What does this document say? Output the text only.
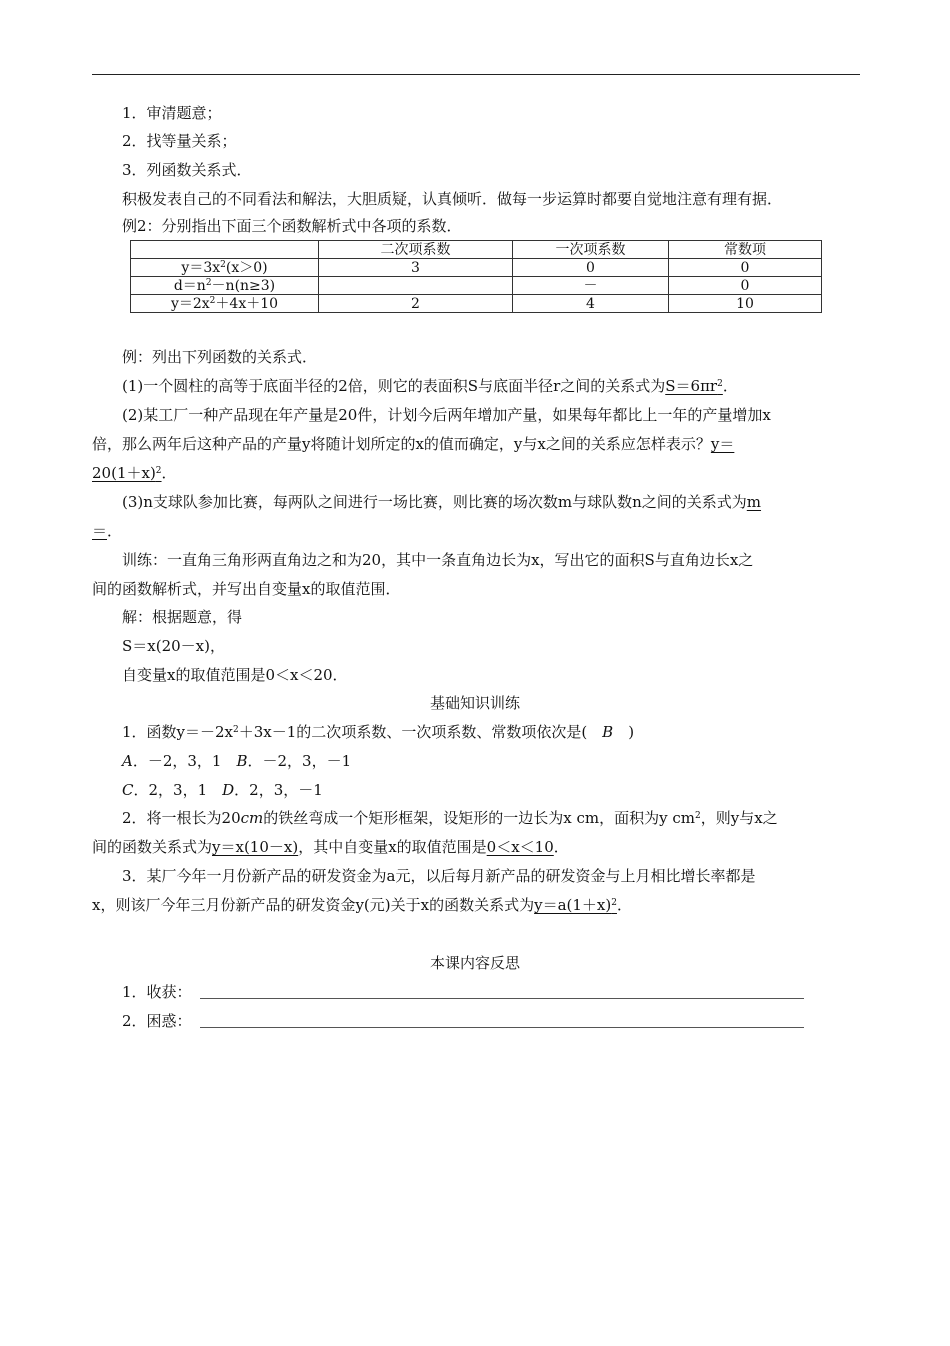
1．审清题意；
2．找等量关系；
3．列函数关系式．
积极发表自己的不同看法和解法，大胆质疑，认真倾听．做每一步运算时都要自觉地注意有理有据．
例2：分别指出下面三个函数解析式中各项的系数．
	二次项系数	一次项系数	常数项
$y=3x^2(x>0)$	3	0	0
$d=n^2-n(n\ge 3)$		－	0
$y=2x^2+4x+10$	2	4	10
例：列出下列函数的关系式．
(1)一个圆柱的高等于底面半径的2倍，则它的表面积S与底面半径r之间的关系式为$S=6\pi r^2$．
(2)某工厂一种产品现在年产量是20件，计划今后两年增加产量，如果每年都比上一年的产量增加x
倍，那么两年后这种产品的产量y将随计划所定的x的值而确定，y与x之间的关系应怎样表示？y＝
$20(1+x)^2$．
(3)n支球队参加比赛，每两队之间进行一场比赛，则比赛的场次数m与球队数n之间的关系式为m
＝．
训练：一直角三角形两直角边之和为20，其中一条直角边长为x，写出它的面积S与直角边长x之
间的函数解析式，并写出自变量x的取值范围．
解：根据题意，得
S＝x(20－x)，
自变量x的取值范围是0＜x＜20．
基础知识训练
1．函数$y=-2x^2+3x-1$的二次项系数、一次项系数、常数项依次是(　B　)
A．－2，3，1　B．－2，3，－1
C．2，3，1　D．2，3，－1
2．将一根长为20cm的铁丝弯成一个矩形框架，设矩形的一边长为x cm，面积为y $cm^2$，则y与x之
间的函数关系式为y＝x(10－x)，其中自变量x的取值范围是0＜x＜10．
3．某厂今年一月份新产品的研发资金为a元，以后每月新产品的研发资金与上月相比增长率都是
x，则该厂今年三月份新产品的研发资金y(元)关于x的函数关系式为$y=a(1+x)^2$．
本课内容反思
1．收获：
2．困惑：
